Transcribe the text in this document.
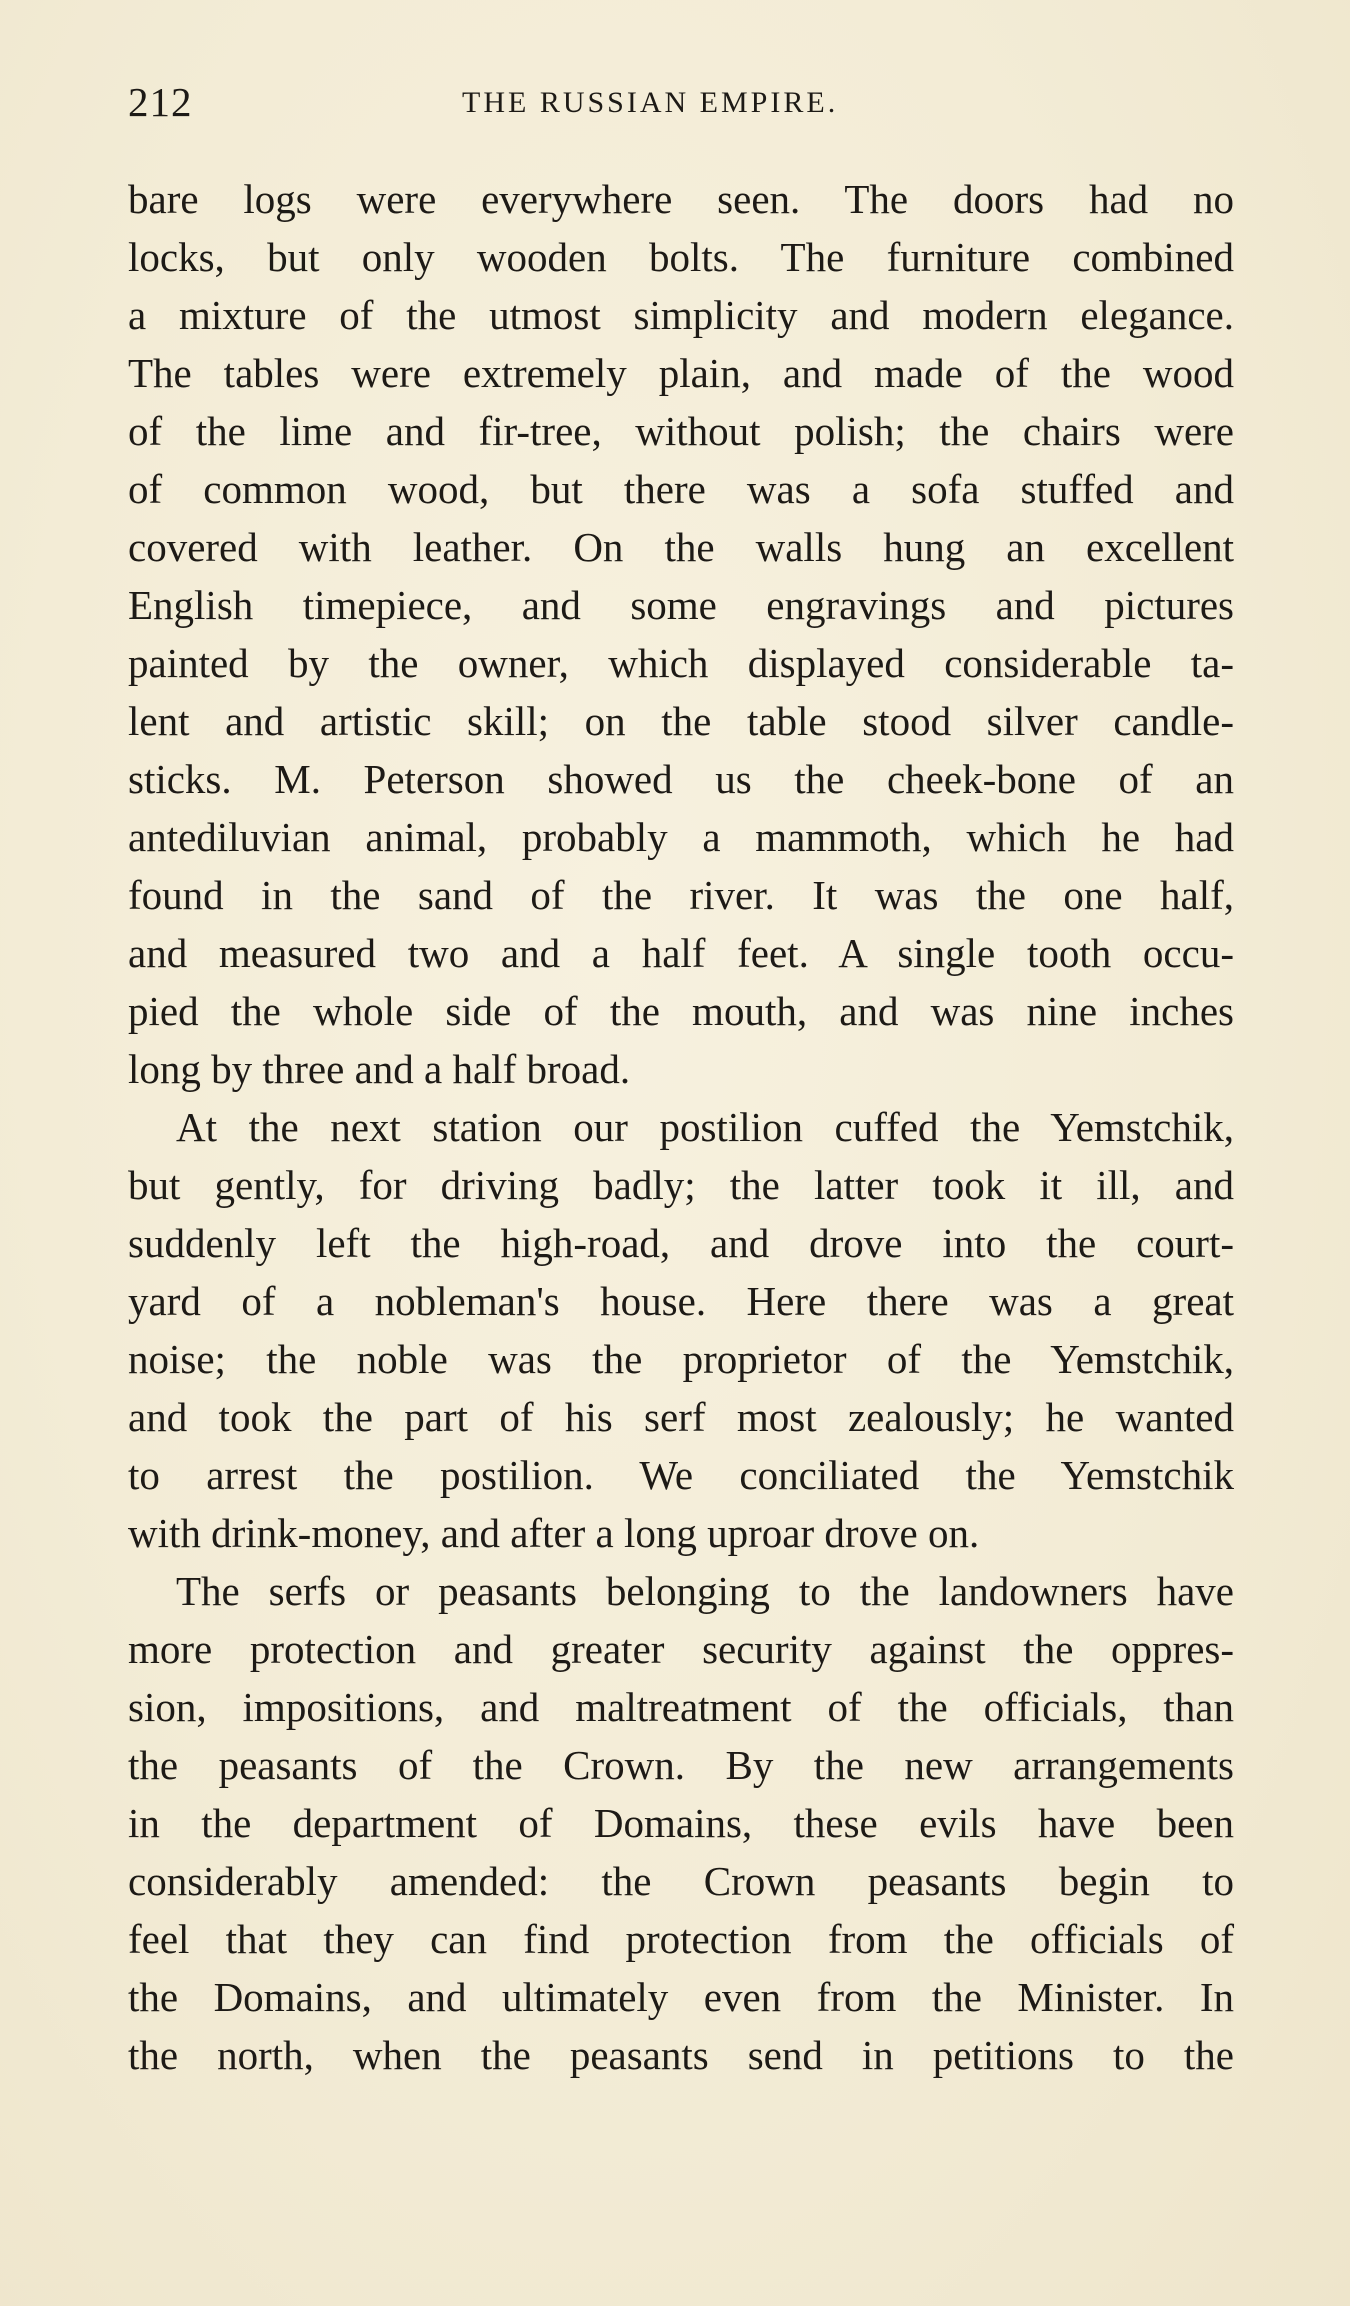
212	THE RUSSIAN EMPIRE.
bare logs were everywhere seen. The doors had no
locks, but only wooden bolts. The furniture combined
a mixture of the utmost simplicity and modern elegance.
The tables were extremely plain, and made of the wood
of the lime and fir-tree, without polish; the chairs were
of common wood, but there was a sofa stuffed and
covered with leather. On the walls hung an excellent
English timepiece, and some engravings and pictures
painted by the owner, which displayed considerable ta-
lent and artistic skill; on the table stood silver candle-
sticks. M. Peterson showed us the cheek-bone of an
antediluvian animal, probably a mammoth, which he had
found in the sand of the river. It was the one half,
and measured two and a half feet. A single tooth occu-
pied the whole side of the mouth, and was nine inches
long by three and a half broad.
At the next station our postilion cuffed the Yemstchik,
but gently, for driving badly; the latter took it ill, and
suddenly left the high-road, and drove into the court-
yard of a nobleman's house. Here there was a great
noise; the noble was the proprietor of the Yemstchik,
and took the part of his serf most zealously; he wanted
to arrest the postilion. We conciliated the Yemstchik
with drink-money, and after a long uproar drove on.
The serfs or peasants belonging to the landowners have
more protection and greater security against the oppres-
sion, impositions, and maltreatment of the officials, than
the peasants of the Crown. By the new arrangements
in the department of Domains, these evils have been
considerably amended: the Crown peasants begin to
feel that they can find protection from the officials of
the Domains, and ultimately even from the Minister. In
the north, when the peasants send in petitions to the
